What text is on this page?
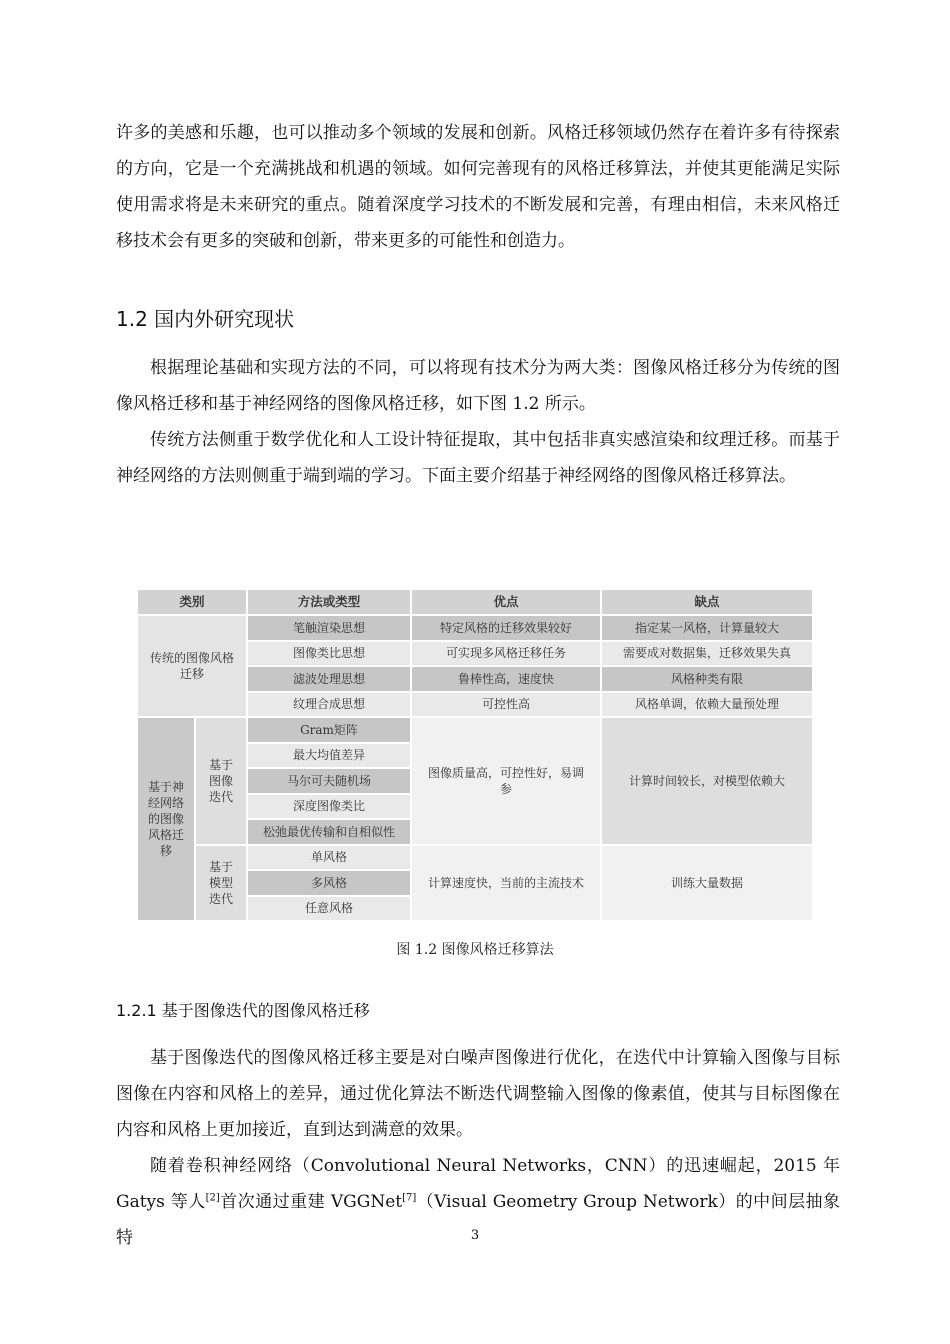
许多的美感和乐趣，也可以推动多个领域的发展和创新。风格迁移领域仍然存在着许多有待探索的方向，它是一个充满挑战和机遇的领域。如何完善现有的风格迁移算法，并使其更能满足实际使用需求将是未来研究的重点。随着深度学习技术的不断发展和完善，有理由相信，未来风格迁移技术会有更多的突破和创新，带来更多的可能性和创造力。

1.2 国内外研究现状

根据理论基础和实现方法的不同，可以将现有技术分为两大类：图像风格迁移分为传统的图像风格迁移和基于神经网络的图像风格迁移，如下图 1.2 所示。

传统方法侧重于数学优化和人工设计特征提取，其中包括非真实感渲染和纹理迁移。而基于神经网络的方法则侧重于端到端的学习。下面主要介绍基于神经网络的图像风格迁移算法。

类别		方法或类型	优点	缺点

传统的图像风格迁移		笔触渲染思想	特定风格的迁移效果较好	指定某一风格，计算量较大
		图像类比思想	可实现多风格迁移任务	需要成对数据集，迁移效果失真
		滤波处理思想	鲁棒性高，速度快	风格种类有限
		纹理合成思想	可控性高	风格单调，依赖大量预处理

基于神经网络的图像风格迁移	基于图像迭代	Gram矩阵	图像质量高，可控性好，易调参	计算时间较长，对模型依赖大
		最大均值差异		
		马尔可夫随机场		
		深度图像类比		
		松弛最优传输和自相似性		

	基于模型迭代	单风格	计算速度快，当前的主流技术	训练大量数据
		多风格		
		任意风格		
图 1.2 图像风格迁移算法
1.2.1 基于图像迭代的图像风格迁移

基于图像迭代的图像风格迁移主要是对白噪声图像进行优化，在迭代中计算输入图像与目标图像在内容和风格上的差异，通过优化算法不断迭代调整输入图像的像素值，使其与目标图像在内容和风格上更加接近，直到达到满意的效果。

随着卷积神经网络（Convolutional Neural Networks，CNN）的迅速崛起，2015 年 Gatys 等人[2]首次通过重建 VGGNet[7]（Visual Geometry Group Network）的中间层抽象特	3
